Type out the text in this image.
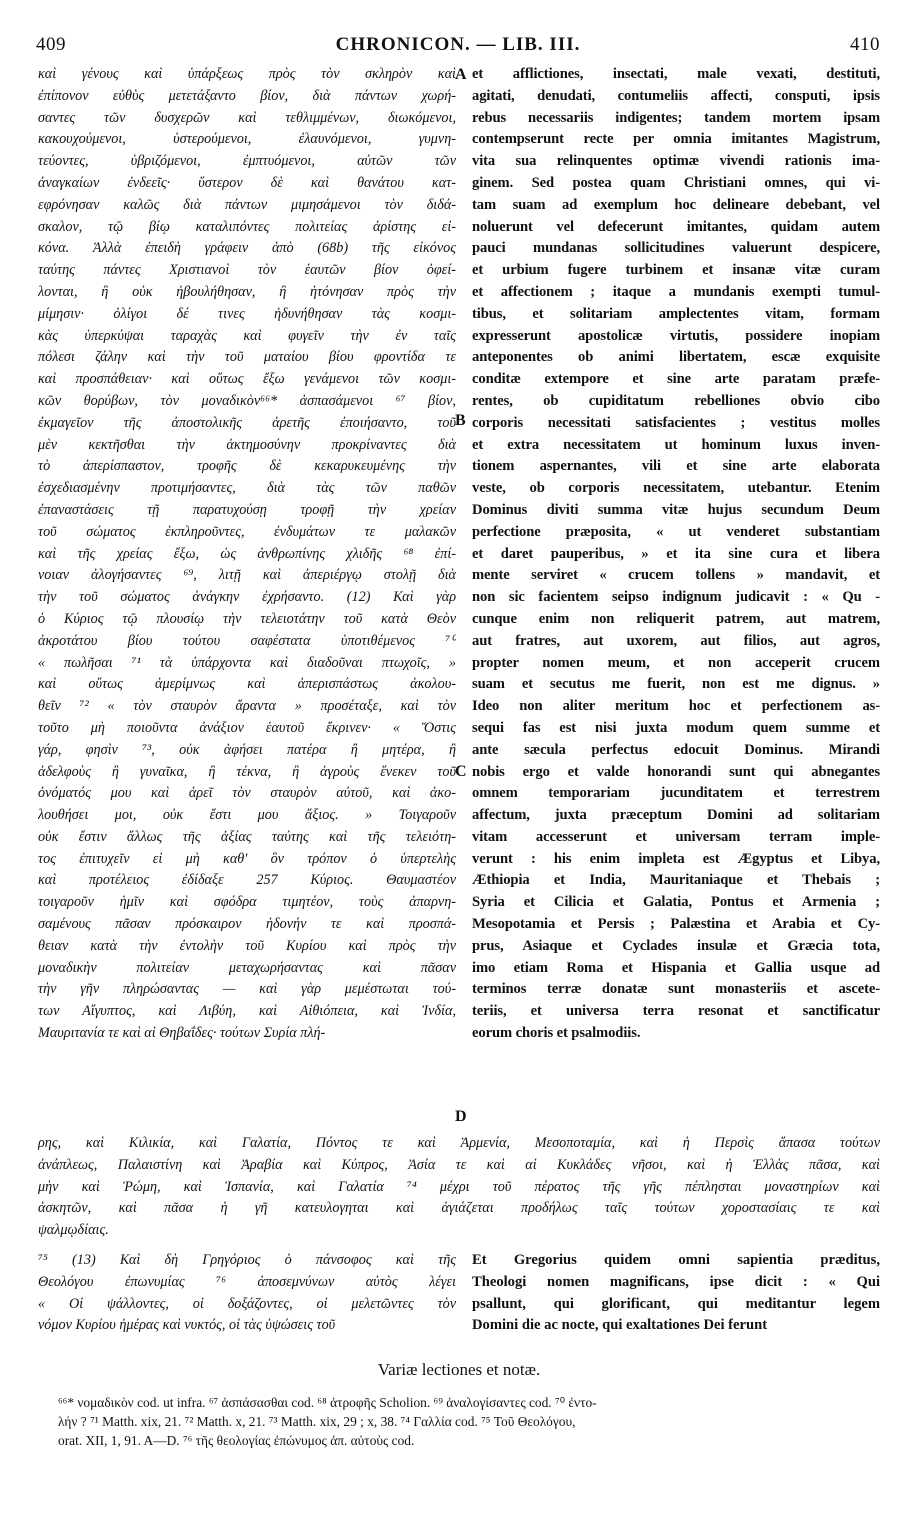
409	CHRONICON. — LIB. III.	410
καὶ γένους καὶ ὑπάρξεως πρὸς τὸν σκληρὸν καὶ
ἐπίπονον εὐθὺς μετετάξαντο βίον, διὰ πάντων χωρή-
σαντες τῶν δυσχερῶν καὶ τεθλιμμένων, διωκόμενοι,
κακουχούμενοι, ὑστερούμενοι, ἐλαυνόμενοι, γυμνη-
τεύοντες, ὑβριζόμενοι, ἐμπτυόμενοι, αὐτῶν τῶν
ἀναγκαίων ἐνδεεῖς· ὕστερον δὲ καὶ θανάτου κατ-
εφρόνησαν καλῶς διὰ πάντων μιμησάμενοι τὸν διδά-
σκαλον, τῷ βίῳ καταλιπόντες πολιτείας ἀρίστης εἰ-
κόνα. Ἀλλὰ ἐπειδὴ γράφειν ἀπὸ (68b) τῆς εἰκόνος
ταύτης πάντες Χριστιανοὶ τὸν ἑαυτῶν βίον ὀφεί-
λονται, ἢ οὐκ ἠβουλήθησαν, ἢ ἡτόνησαν πρὸς τὴν
μίμησιν· ὀλίγοι δέ τινες ἠδυνήθησαν τὰς κοσμι-
κὰς ὑπερκύψαι ταραχὰς καὶ φυγεῖν τὴν ἐν ταῖς
πόλεσι ζάλην καὶ τὴν τοῦ ματαίου βίου φροντίδα τε
καὶ προσπάθειαν· καὶ οὕτως ἔξω γενάμενοι τῶν κοσμι-
κῶν θορύβων, τὸν μοναδικὸν⁶⁶* ἀσπασάμενοι ⁶⁷ βίον,
ἐκμαγεῖον τῆς ἀποστολικῆς ἀρετῆς ἐποιήσαντο, τοῦ
μὲν κεκτῆσθαι τὴν ἀκτημοσύνην προκρίναντες διὰ
τὸ ἀπερίσπαστον, τροφῆς δὲ κεκαρυκευμένης τὴν
ἐσχεδιασμένην προτιμήσαντες, διὰ τὰς τῶν παθῶν
ἐπαναστάσεις τῇ παρατυχούσῃ τροφῇ τὴν χρείαν
τοῦ σώματος ἐκπληροῦντες, ἐνδυμάτων τε μαλακῶν
καὶ τῆς χρείας ἔξω, ὡς ἀνθρωπίνης χλιδῆς ⁶⁸ ἐπί-
νοιαν ἀλογήσαντες ⁶⁹, λιτῇ καὶ ἀπεριέργῳ στολῇ διὰ
τὴν τοῦ σώματος ἀνάγκην ἐχρήσαντο. (12) Καὶ γὰρ
ὁ Κύριος τῷ πλουσίῳ τὴν τελειοτάτην τοῦ κατὰ Θεὸν
ἀκροτάτου βίου τούτου σαφέστατα ὑποτιθέμενος ⁷⁰
« πωλῆσαι ⁷¹ τὰ ὑπάρχοντα καὶ διαδοῦναι πτωχοῖς, »
καὶ οὕτως ἀμερίμνως καὶ ἀπερισπάστως ἀκολου-
θεῖν ⁷² « τὸν σταυρὸν ἄραντα » προσέταξε, καὶ τὸν
τοῦτο μὴ ποιοῦντα ἀνάξιον ἑαυτοῦ ἔκρινεν· « Ὅστις
γάρ, φησὶν ⁷³, οὐκ ἀφήσει πατέρα ἢ μητέρα, ἢ
ἀδελφοὺς ἢ γυναῖκα, ἢ τέκνα, ἢ ἀγροὺς ἕνεκεν τοῦ
ὀνόματός μου καὶ ἀρεῖ τὸν σταυρὸν αὐτοῦ, καὶ ἀκο-
λουθήσει μοι, οὐκ ἔστι μου ἄξιος. » Τοιγαροῦν
οὐκ ἔστιν ἄλλως τῆς ἀξίας ταύτης καὶ τῆς τελειότη-
τος ἐπιτυχεῖν εἰ μὴ καθ' ὃν τρόπον ὁ ὑπερτελὴς
καὶ προτέλειος ἐδίδαξε 257 Κύριος. Θαυμαστέον
τοιγαροῦν ἡμῖν καὶ σφόδρα τιμητέον, τοὺς ἀπαρνη-
σαμένους πᾶσαν πρόσκαιρον ἡδονήν τε καὶ προσπά-
θειαν κατὰ τὴν ἐντολὴν τοῦ Κυρίου καὶ πρὸς τὴν
μοναδικὴν πολιτείαν μεταχωρήσαντας καὶ πᾶσαν
τὴν γῆν πληρώσαντας — καὶ γὰρ μεμέστωται τού-
των Αἴγυπτος, καὶ Λιβύη, καὶ Αἰθιόπεια, καὶ Ἰνδία,
Μαυριτανία τε καὶ αἱ Θηβαΐδες· τούτων Συρία πλή-
et afflictiones, insectati, male vexati, destituti,
agitati, denudati, contumeliis affecti, consputi, ipsis
rebus necessariis indigentes; tandem mortem ipsam
contempserunt recte per omnia imitantes Magistrum,
vita sua relinquentes optimæ vivendi rationis ima-
ginem. Sed postea quam Christiani omnes, qui vi-
tam suam ad exemplum hoc delineare debebant, vel
noluerunt vel defecerunt imitantes, quidam autem
pauci mundanas sollicitudines valuerunt despicere,
et urbium fugere turbinem et insanæ vitæ curam
et affectionem ; itaque a mundanis exempti tumul-
tibus, et solitariam amplectentes vitam, formam
expresserunt apostolicæ virtutis, possidere inopiam
anteponentes ob animi libertatem, escæ exquisite
conditæ extempore et sine arte paratam præfe-
rentes, ob cupiditatum rebelliones obvio cibo
corporis necessitati satisfacientes ; vestitus molles
et extra necessitatem ut hominum luxus inven-
tionem aspernantes, vili et sine arte elaborata
veste, ob corporis necessitatem, utebantur. Etenim
Dominus diviti summa vitæ hujus secundum Deum
perfectione præposita, « ut venderet substantiam
et daret pauperibus, » et ita sine cura et libera
mente serviret « crucem tollens » mandavit, et
non sic facientem seipso indignum judicavit : « Qu -
cunque enim non reliquerit patrem, aut matrem,
aut fratres, aut uxorem, aut filios, aut agros,
propter nomen meum, et non acceperit crucem
suam et secutus me fuerit, non est me dignus. »
Ideo non aliter meritum hoc et perfectionem as-
sequi fas est nisi juxta modum quem summe et
ante sæcula perfectus edocuit Dominus. Mirandi
nobis ergo et valde honorandi sunt qui abnegantes
omnem temporariam jucunditatem et terrestrem
affectum, juxta præceptum Domini ad solitariam
vitam accesserunt et universam terram imple-
verunt : his enim impleta est Ægyptus et Libya,
Æthiopia et India, Mauritaniaque et Thebais ;
Syria et Cilicia et Galatia, Pontus et Armenia ;
Mesopotamia et Persis ; Palæstina et Arabia et Cy-
prus, Asiaque et Cyclades insulæ et Græcia tota,
imo etiam Roma et Hispania et Gallia usque ad
terminos terræ donatæ sunt monasteriis et ascete-
teriis, et universa terra resonat et sanctificatur
eorum choris et psalmodiis.
A
B
C
D
ρης, καὶ Κιλικία, καὶ Γαλατία, Πόντος τε καὶ Ἀρμενία, Μεσοποταμία, καὶ ἡ Περσὶς ἅπασα τούτων
ἀνάπλεως, Παλαιστίνη καὶ Ἀραβία καὶ Κύπρος, Ἀσία τε καὶ αἱ Κυκλάδες νῆσοι, καὶ ἡ Ἑλλὰς πᾶσα, καὶ
μὴν καὶ Ῥώμη, καὶ Ἱσπανία, καὶ Γαλατία ⁷⁴ μέχρι τοῦ πέρατος τῆς γῆς πέπλησται μοναστηρίων καὶ
ἀσκητῶν, καὶ πᾶσα ἡ γῆ κατευλογηται καὶ ἁγιάζεται προδήλως ταῖς τούτων χοροστασίαις τε καὶ
ψαλμῳδίαις.
⁷⁵ (13) Καὶ δὴ Γρηγόριος ὁ πάνσοφος καὶ τῆς
Θεολόγου ἐπωνυμίας ⁷⁶ ἀποσεμνύνων αὐτὸς λέγει
« Οἱ ψάλλοντες, οἱ δοξάζοντες, οἱ μελετῶντες τὸν
νόμον Κυρίου ἡμέρας καὶ νυκτός, οἱ τὰς ὑψώσεις τοῦ
Et Gregorius quidem omni sapientia præditus,
Theologi nomen magnificans, ipse dicit : « Qui
psallunt, qui glorificant, qui meditantur legem
Domini die ac nocte, qui exaltationes Dei ferunt
Variæ lectiones et notæ.
⁶⁶* νομαδικὸν cod. ut infra. ⁶⁷ ἀσπάσασθαι cod. ⁶⁸ ἀτροφῆς Scholion. ⁶⁹ ἀναλογίσαντες cod. ⁷⁰ ἐντο-
λήν ? ⁷¹ Matth. xix, 21. ⁷² Matth. x, 21. ⁷³ Matth. xix, 29 ; x, 38. ⁷⁴ Γαλλία cod. ⁷⁵ Τοῦ Θεολόγου,
orat. XII, 1, 91. A—D. ⁷⁶ τῆς θεολογίας ἐπώνυμος ἀπ. αὐτοὺς cod.
